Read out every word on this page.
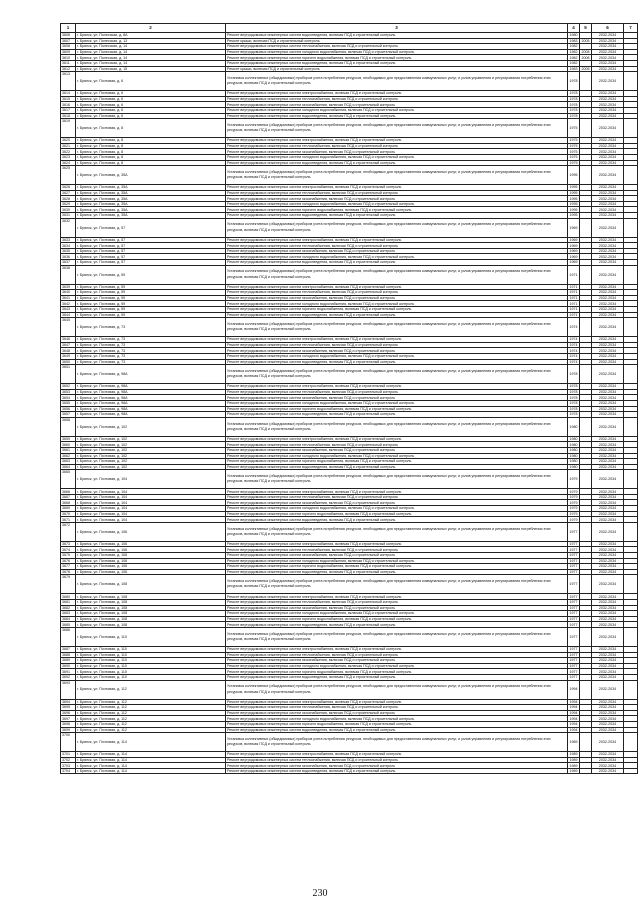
1	2	3	4	5	6	7
3606	г. Брянск, ул. Полесская, д. 8А	Ремонт внутридомовых инженерных систем водоотведения, включая ПСД и строительный контроль	1980		2032-2034	
3607	г. Брянск, ул. Полесская, д. 13	Ремонт крыши, включая ПСД и строительный контроль	1983	2005	2032-2034	
3608	г. Брянск, ул. Полесская, д. 14	Ремонт внутридомовых инженерных систем теплоснабжения, включая ПСД и строительный контроль	1982		2032-2034	
3609	г. Брянск, ул. Полесская, д. 14	Ремонт внутридомовых инженерных систем холодного водоснабжения, включая ПСД и строительный контроль	1982	2008	2032-2034	
3610	г. Брянск, ул. Полесская, д. 14	Ремонт внутридомовых инженерных систем горячего водоснабжения, включая ПСД и строительный контроль	1982	2008	2032-2034	
3611	г. Брянск, ул. Полесская, д. 14	Ремонт внутридомовых инженерных систем водоотведения, включая ПСД и строительный контроль	1982		2032-2034	
3612	г. Брянск, ул. Полесская, д. 15	Ремонт крыши, включая ПСД и строительный контроль	1983	2005	2032-2034	
3613	г. Брянск, ул. Почтовая, д. 6	Установка коллективных (общедомовых) приборов учета потребления ресурсов, необходимых для предоставления коммунальных услуг, и узлов управления и регулирования потребления этих ресурсов, включая ПСД и строительный контроль	1978		2032-2034	
3614	г. Брянск, ул. Почтовая, д. 6	Ремонт внутридомовых инженерных систем электроснабжения, включая ПСД и строительный контроль	1978		2032-2034	
3615	г. Брянск, ул. Почтовая, д. 6	Ремонт внутридомовых инженерных систем теплоснабжения, включая ПСД и строительный контроль	1978		2032-2034	
3616	г. Брянск, ул. Почтовая, д. 6	Ремонт внутридомовых инженерных систем газоснабжения, включая ПСД и строительный контроль	1978		2032-2034	
3617	г. Брянск, ул. Почтовая, д. 6	Ремонт внутридомовых инженерных систем холодного водоснабжения, включая ПСД и строительный контроль	1978		2032-2034	
3618	г. Брянск, ул. Почтовая, д. 6	Ремонт внутридомовых инженерных систем водоотведения, включая ПСД и строительный контроль	1978		2032-2034	
3619	г. Брянск, ул. Почтовая, д. 8	Установка коллективных (общедомовых) приборов учета потребления ресурсов, необходимых для предоставления коммунальных услуг, и узлов управления и регулирования потребления этих ресурсов, включая ПСД и строительный контроль	1975		2032-2034	
3620	г. Брянск, ул. Почтовая, д. 8	Ремонт внутридомовых инженерных систем электроснабжения, включая ПСД и строительный контроль	1975		2032-2034	
3621	г. Брянск, ул. Почтовая, д. 8	Ремонт внутридомовых инженерных систем теплоснабжения, включая ПСД и строительный контроль	1975		2032-2034	
3622	г. Брянск, ул. Почтовая, д. 8	Ремонт внутридомовых инженерных систем газоснабжения, включая ПСД и строительный контроль	1975		2032-2034	
3623	г. Брянск, ул. Почтовая, д. 8	Ремонт внутридомовых инженерных систем холодного водоснабжения, включая ПСД и строительный контроль	1975		2032-2034	
3624	г. Брянск, ул. Почтовая, д. 8	Ремонт внутридомовых инженерных систем водоотведения, включая ПСД и строительный контроль	1975		2032-2034	
3625	г. Брянск, ул. Почтовая, д. 35А	Установка коллективных (общедомовых) приборов учета потребления ресурсов, необходимых для предоставления коммунальных услуг, и узлов управления и регулирования потребления этих ресурсов, включая ПСД и строительный контроль	1995		2032-2034	
3626	г. Брянск, ул. Почтовая, д. 35А	Ремонт внутридомовых инженерных систем электроснабжения, включая ПСД и строительный контроль	1995		2032-2034	
3627	г. Брянск, ул. Почтовая, д. 35А	Ремонт внутридомовых инженерных систем теплоснабжения, включая ПСД и строительный контроль	1995		2032-2034	
3628	г. Брянск, ул. Почтовая, д. 35А	Ремонт внутридомовых инженерных систем газоснабжения, включая ПСД и строительный контроль	1995		2032-2034	
3629	г. Брянск, ул. Почтовая, д. 35А	Ремонт внутридомовых инженерных систем холодного водоснабжения, включая ПСД и строительный контроль	1995		2032-2034	
3630	г. Брянск, ул. Почтовая, д. 35А	Ремонт внутридомовых инженерных систем горячего водоснабжения, включая ПСД и строительный контроль	1995		2032-2034	
3631	г. Брянск, ул. Почтовая, д. 35А	Ремонт внутридомовых инженерных систем водоотведения, включая ПСД и строительный контроль	1995		2032-2034	
3632	г. Брянск, ул. Почтовая, д. 57	Установка коллективных (общедомовых) приборов учета потребления ресурсов, необходимых для предоставления коммунальных услуг, и узлов управления и регулирования потребления этих ресурсов, включая ПСД и строительный контроль	1969		2032-2034	
3633	г. Брянск, ул. Почтовая, д. 57	Ремонт внутридомовых инженерных систем электроснабжения, включая ПСД и строительный контроль	1969		2032-2034	
3634	г. Брянск, ул. Почтовая, д. 57	Ремонт внутридомовых инженерных систем теплоснабжения, включая ПСД и строительный контроль	1969		2032-2034	
3635	г. Брянск, ул. Почтовая, д. 57	Ремонт внутридомовых инженерных систем газоснабжения, включая ПСД и строительный контроль	1969		2032-2034	
3636	г. Брянск, ул. Почтовая, д. 57	Ремонт внутридомовых инженерных систем холодного водоснабжения, включая ПСД и строительный контроль	1969		2032-2034	
3637	г. Брянск, ул. Почтовая, д. 57	Ремонт внутридомовых инженерных систем водоотведения, включая ПСД и строительный контроль	1969		2032-2034	
3638	г. Брянск, ул. Почтовая, д. 59	Установка коллективных (общедомовых) приборов учета потребления ресурсов, необходимых для предоставления коммунальных услуг, и узлов управления и регулирования потребления этих ресурсов, включая ПСД и строительный контроль	1971		2032-2034	
3639	г. Брянск, ул. Почтовая, д. 59	Ремонт внутридомовых инженерных систем электроснабжения, включая ПСД и строительный контроль	1971		2032-2034	
3640	г. Брянск, ул. Почтовая, д. 59	Ремонт внутридомовых инженерных систем теплоснабжения, включая ПСД и строительный контроль	1971		2032-2034	
3641	г. Брянск, ул. Почтовая, д. 59	Ремонт внутридомовых инженерных систем газоснабжения, включая ПСД и строительный контроль	1971		2032-2034	
3642	г. Брянск, ул. Почтовая, д. 59	Ремонт внутридомовых инженерных систем холодного водоснабжения, включая ПСД и строительный контроль	1971		2032-2034	
3643	г. Брянск, ул. Почтовая, д. 59	Ремонт внутридомовых инженерных систем горячего водоснабжения, включая ПСД и строительный контроль	1971		2032-2034	
3644	г. Брянск, ул. Почтовая, д. 59	Ремонт внутридомовых инженерных систем водоотведения, включая ПСД и строительный контроль	1971		2032-2034	
3645	г. Брянск, ул. Почтовая, д. 73	Установка коллективных (общедомовых) приборов учета потребления ресурсов, необходимых для предоставления коммунальных услуг, и узлов управления и регулирования потребления этих ресурсов, включая ПСД и строительный контроль	1974		2032-2034	
3646	г. Брянск, ул. Почтовая, д. 73	Ремонт внутридомовых инженерных систем электроснабжения, включая ПСД и строительный контроль	1974		2032-2034	
3647	г. Брянск, ул. Почтовая, д. 73	Ремонт внутридомовых инженерных систем теплоснабжения, включая ПСД и строительный контроль	1974		2032-2034	
3648	г. Брянск, ул. Почтовая, д. 73	Ремонт внутридомовых инженерных систем газоснабжения, включая ПСД и строительный контроль	1974		2032-2034	
3649	г. Брянск, ул. Почтовая, д. 73	Ремонт внутридомовых инженерных систем холодного водоснабжения, включая ПСД и строительный контроль	1974		2032-2034	
3650	г. Брянск, ул. Почтовая, д. 73	Ремонт внутридомовых инженерных систем водоотведения, включая ПСД и строительный контроль	1974		2032-2034	
3651	г. Брянск, ул. Почтовая, д. 98А	Установка коллективных (общедомовых) приборов учета потребления ресурсов, необходимых для предоставления коммунальных услуг, и узлов управления и регулирования потребления этих ресурсов, включая ПСД и строительный контроль	1978		2032-2034	
3652	г. Брянск, ул. Почтовая, д. 98А	Ремонт внутридомовых инженерных систем электроснабжения, включая ПСД и строительный контроль	1978		2032-2034	
3653	г. Брянск, ул. Почтовая, д. 98А	Ремонт внутридомовых инженерных систем теплоснабжения, включая ПСД и строительный контроль	1978		2032-2034	
3654	г. Брянск, ул. Почтовая, д. 98А	Ремонт внутридомовых инженерных систем газоснабжения, включая ПСД и строительный контроль	1978		2032-2034	
3655	г. Брянск, ул. Почтовая, д. 98А	Ремонт внутридомовых инженерных систем холодного водоснабжения, включая ПСД и строительный контроль	1978		2032-2034	
3656	г. Брянск, ул. Почтовая, д. 98А	Ремонт внутридомовых инженерных систем горячего водоснабжения, включая ПСД и строительный контроль	1978		2032-2034	
3657	г. Брянск, ул. Почтовая, д. 98А	Ремонт внутридомовых инженерных систем водоотведения, включая ПСД и строительный контроль	1978		2032-2034	
3658	г. Брянск, ул. Почтовая, д. 102	Установка коллективных (общедомовых) приборов учета потребления ресурсов, необходимых для предоставления коммунальных услуг, и узлов управления и регулирования потребления этих ресурсов, включая ПСД и строительный контроль	1980		2032-2034	
3659	г. Брянск, ул. Почтовая, д. 102	Ремонт внутридомовых инженерных систем электроснабжения, включая ПСД и строительный контроль	1980		2032-2034	
3660	г. Брянск, ул. Почтовая, д. 102	Ремонт внутридомовых инженерных систем теплоснабжения, включая ПСД и строительный контроль	1980		2032-2034	
3661	г. Брянск, ул. Почтовая, д. 102	Ремонт внутридомовых инженерных систем газоснабжения, включая ПСД и строительный контроль	1980		2032-2034	
3662	г. Брянск, ул. Почтовая, д. 102	Ремонт внутридомовых инженерных систем холодного водоснабжения, включая ПСД и строительный контроль	1980		2032-2034	
3663	г. Брянск, ул. Почтовая, д. 102	Ремонт внутридомовых инженерных систем горячего водоснабжения, включая ПСД и строительный контроль	1980		2032-2034	
3664	г. Брянск, ул. Почтовая, д. 102	Ремонт внутридомовых инженерных систем водоотведения, включая ПСД и строительный контроль	1980		2032-2034	
3665	г. Брянск, ул. Почтовая, д. 104	Установка коллективных (общедомовых) приборов учета потребления ресурсов, необходимых для предоставления коммунальных услуг, и узлов управления и регулирования потребления этих ресурсов, включая ПСД и строительный контроль	1979		2032-2034	
3666	г. Брянск, ул. Почтовая, д. 104	Ремонт внутридомовых инженерных систем электроснабжения, включая ПСД и строительный контроль	1979		2032-2034	
3667	г. Брянск, ул. Почтовая, д. 104	Ремонт внутридомовых инженерных систем теплоснабжения, включая ПСД и строительный контроль	1979		2032-2034	
3668	г. Брянск, ул. Почтовая, д. 104	Ремонт внутридомовых инженерных систем газоснабжения, включая ПСД и строительный контроль	1979		2032-2034	
3669	г. Брянск, ул. Почтовая, д. 104	Ремонт внутридомовых инженерных систем холодного водоснабжения, включая ПСД и строительный контроль	1979		2032-2034	
3670	г. Брянск, ул. Почтовая, д. 104	Ремонт внутридомовых инженерных систем горячего водоснабжения, включая ПСД и строительный контроль	1979		2032-2034	
3671	г. Брянск, ул. Почтовая, д. 104	Ремонт внутридомовых инженерных систем водоотведения, включая ПСД и строительный контроль	1979		2032-2034	
3672	г. Брянск, ул. Почтовая, д. 106	Установка коллективных (общедомовых) приборов учета потребления ресурсов, необходимых для предоставления коммунальных услуг, и узлов управления и регулирования потребления этих ресурсов, включая ПСД и строительный контроль	1977		2032-2034	
3673	г. Брянск, ул. Почтовая, д. 106	Ремонт внутридомовых инженерных систем электроснабжения, включая ПСД и строительный контроль	1977		2032-2034	
3674	г. Брянск, ул. Почтовая, д. 106	Ремонт внутридомовых инженерных систем теплоснабжения, включая ПСД и строительный контроль	1977		2032-2034	
3675	г. Брянск, ул. Почтовая, д. 106	Ремонт внутридомовых инженерных систем газоснабжения, включая ПСД и строительный контроль	1977		2032-2034	
3676	г. Брянск, ул. Почтовая, д. 106	Ремонт внутридомовых инженерных систем холодного водоснабжения, включая ПСД и строительный контроль	1977		2032-2034	
3677	г. Брянск, ул. Почтовая, д. 106	Ремонт внутридомовых инженерных систем горячего водоснабжения, включая ПСД и строительный контроль	1977		2032-2034	
3678	г. Брянск, ул. Почтовая, д. 106	Ремонт внутридомовых инженерных систем водоотведения, включая ПСД и строительный контроль	1977		2032-2034	
3679	г. Брянск, ул. Почтовая, д. 108	Установка коллективных (общедомовых) приборов учета потребления ресурсов, необходимых для предоставления коммунальных услуг, и узлов управления и регулирования потребления этих ресурсов, включая ПСД и строительный контроль	1977		2032-2034	
3680	г. Брянск, ул. Почтовая, д. 108	Ремонт внутридомовых инженерных систем электроснабжения, включая ПСД и строительный контроль	1977		2032-2034	
3681	г. Брянск, ул. Почтовая, д. 108	Ремонт внутридомовых инженерных систем теплоснабжения, включая ПСД и строительный контроль	1977		2032-2034	
3682	г. Брянск, ул. Почтовая, д. 108	Ремонт внутридомовых инженерных систем газоснабжения, включая ПСД и строительный контроль	1977		2032-2034	
3683	г. Брянск, ул. Почтовая, д. 108	Ремонт внутридомовых инженерных систем холодного водоснабжения, включая ПСД и строительный контроль	1977		2032-2034	
3684	г. Брянск, ул. Почтовая, д. 108	Ремонт внутридомовых инженерных систем горячего водоснабжения, включая ПСД и строительный контроль	1977		2032-2034	
3685	г. Брянск, ул. Почтовая, д. 108	Ремонт внутридомовых инженерных систем водоотведения, включая ПСД и строительный контроль	1977		2032-2034	
3686	г. Брянск, ул. Почтовая, д. 110	Установка коллективных (общедомовых) приборов учета потребления ресурсов, необходимых для предоставления коммунальных услуг, и узлов управления и регулирования потребления этих ресурсов, включая ПСД и строительный контроль	1977		2032-2034	
3687	г. Брянск, ул. Почтовая, д. 110	Ремонт внутридомовых инженерных систем электроснабжения, включая ПСД и строительный контроль	1977		2032-2034	
3688	г. Брянск, ул. Почтовая, д. 110	Ремонт внутридомовых инженерных систем теплоснабжения, включая ПСД и строительный контроль	1977		2032-2034	
3689	г. Брянск, ул. Почтовая, д. 110	Ремонт внутридомовых инженерных систем газоснабжения, включая ПСД и строительный контроль	1977		2032-2034	
3690	г. Брянск, ул. Почтовая, д. 110	Ремонт внутридомовых инженерных систем холодного водоснабжения, включая ПСД и строительный контроль	1977		2032-2034	
3691	г. Брянск, ул. Почтовая, д. 110	Ремонт внутридомовых инженерных систем горячего водоснабжения, включая ПСД и строительный контроль	1977		2032-2034	
3692	г. Брянск, ул. Почтовая, д. 110	Ремонт внутридомовых инженерных систем водоотведения, включая ПСД и строительный контроль	1977		2032-2034	
3693	г. Брянск, ул. Почтовая, д. 112	Установка коллективных (общедомовых) приборов учета потребления ресурсов, необходимых для предоставления коммунальных услуг, и узлов управления и регулирования потребления этих ресурсов, включая ПСД и строительный контроль	1994		2032-2034	
3694	г. Брянск, ул. Почтовая, д. 112	Ремонт внутридомовых инженерных систем электроснабжения, включая ПСД и строительный контроль	1994		2032-2034	
3695	г. Брянск, ул. Почтовая, д. 112	Ремонт внутридомовых инженерных систем теплоснабжения, включая ПСД и строительный контроль	1994		2032-2034	
3696	г. Брянск, ул. Почтовая, д. 112	Ремонт внутридомовых инженерных систем газоснабжения, включая ПСД и строительный контроль	1994		2032-2034	
3697	г. Брянск, ул. Почтовая, д. 112	Ремонт внутридомовых инженерных систем холодного водоснабжения, включая ПСД и строительный контроль	1994		2032-2034	
3698	г. Брянск, ул. Почтовая, д. 112	Ремонт внутридомовых инженерных систем горячего водоснабжения, включая ПСД и строительный контроль	1994		2032-2034	
3699	г. Брянск, ул. Почтовая, д. 112	Ремонт внутридомовых инженерных систем водоотведения, включая ПСД и строительный контроль	1994		2032-2034	
3700	г. Брянск, ул. Почтовая, д. 114	Установка коллективных (общедомовых) приборов учета потребления ресурсов, необходимых для предоставления коммунальных услуг, и узлов управления и регулирования потребления этих ресурсов, включая ПСД и строительный контроль	1989		2032-2034	
3701	г. Брянск, ул. Почтовая, д. 114	Ремонт внутридомовых инженерных систем электроснабжения, включая ПСД и строительный контроль	1989		2032-2034	
3702	г. Брянск, ул. Почтовая, д. 114	Ремонт внутридомовых инженерных систем теплоснабжения, включая ПСД и строительный контроль	1989		2032-2034	
3703	г. Брянск, ул. Почтовая, д. 114	Ремонт внутридомовых инженерных систем газоснабжения, включая ПСД и строительный контроль	1989		2032-2034	
3704	г. Брянск, ул. Почтовая, д. 114	Ремонт внутридомовых инженерных систем водоотведения, включая ПСД и строительный контроль	1989		2032-2034	
230
